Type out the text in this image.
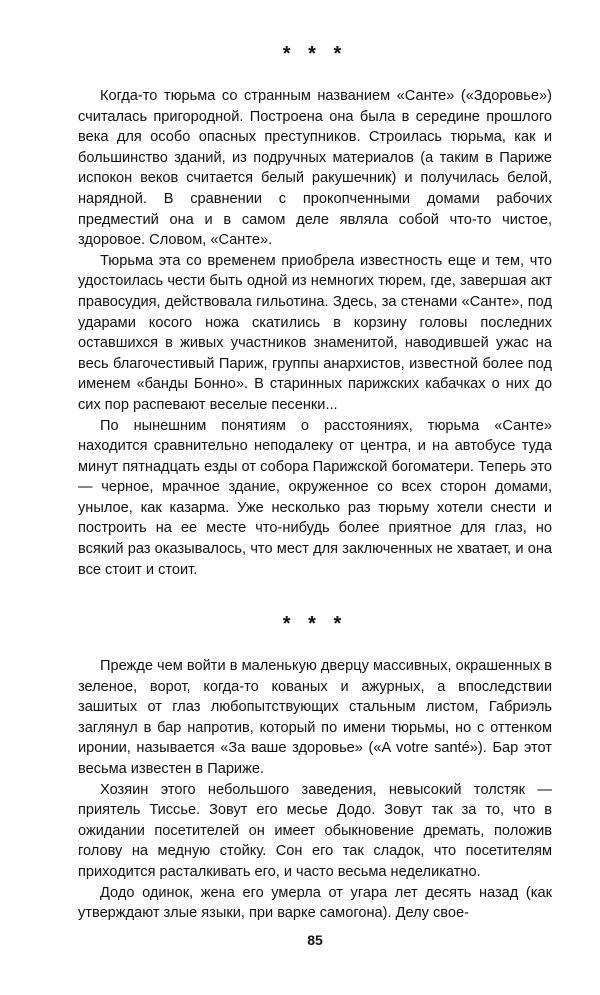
* * *

Когда-то тюрьма со странным названием «Санте» («Здоровье») считалась пригородной. Построена она была в середине прошлого века для особо опасных преступников. Строилась тюрьма, как и большинство зданий, из подручных материалов (а таким в Париже испокон веков считается белый ракушечник) и получилась белой, нарядной. В сравнении с прокопченными домами рабочих предместий она и в самом деле являла собой что-то чистое, здоровое. Словом, «Санте».

Тюрьма эта со временем приобрела известность еще и тем, что удостоилась чести быть одной из немногих тюрем, где, завершая акт правосудия, действовала гильотина. Здесь, за стенами «Санте», под ударами косого ножа скатились в корзину головы последних оставшихся в живых участников знаменитой, наводившей ужас на весь благочестивый Париж, группы анархистов, известной более под именем «банды Бонно». В старинных парижских кабачках о них до сих пор распевают веселые песенки...

По нынешним понятиям о расстояниях, тюрьма «Санте» находится сравнительно неподалеку от центра, и на автобусе туда минут пятнадцать езды от собора Парижской богоматери. Теперь это — черное, мрачное здание, окруженное со всех сторон домами, унылое, как казарма. Уже несколько раз тюрьму хотели снести и построить на ее месте что-нибудь более приятное для глаз, но всякий раз оказывалось, что мест для заключенных не хватает, и она все стоит и стоит.

* * *

Прежде чем войти в маленькую дверцу массивных, окрашенных в зеленое, ворот, когда-то кованых и ажурных, а впоследствии зашитых от глаз любопытствующих стальным листом, Габриэль заглянул в бар напротив, который по имени тюрьмы, но с оттенком иронии, называется «За ваше здоровье» («A votre santé»). Бар этот весьма известен в Париже.

Хозяин этого небольшого заведения, невысокий толстяк — приятель Тиссье. Зовут его месье Додо. Зовут так за то, что в ожидании посетителей он имеет обыкновение дремать, положив голову на медную стойку. Сон его так сладок, что посетителям приходится расталкивать его, и часто весьма неделикатно.

Додо одинок, жена его умерла от угара лет десять назад (как утверждают злые языки, при варке самогона). Делу свое-

85
